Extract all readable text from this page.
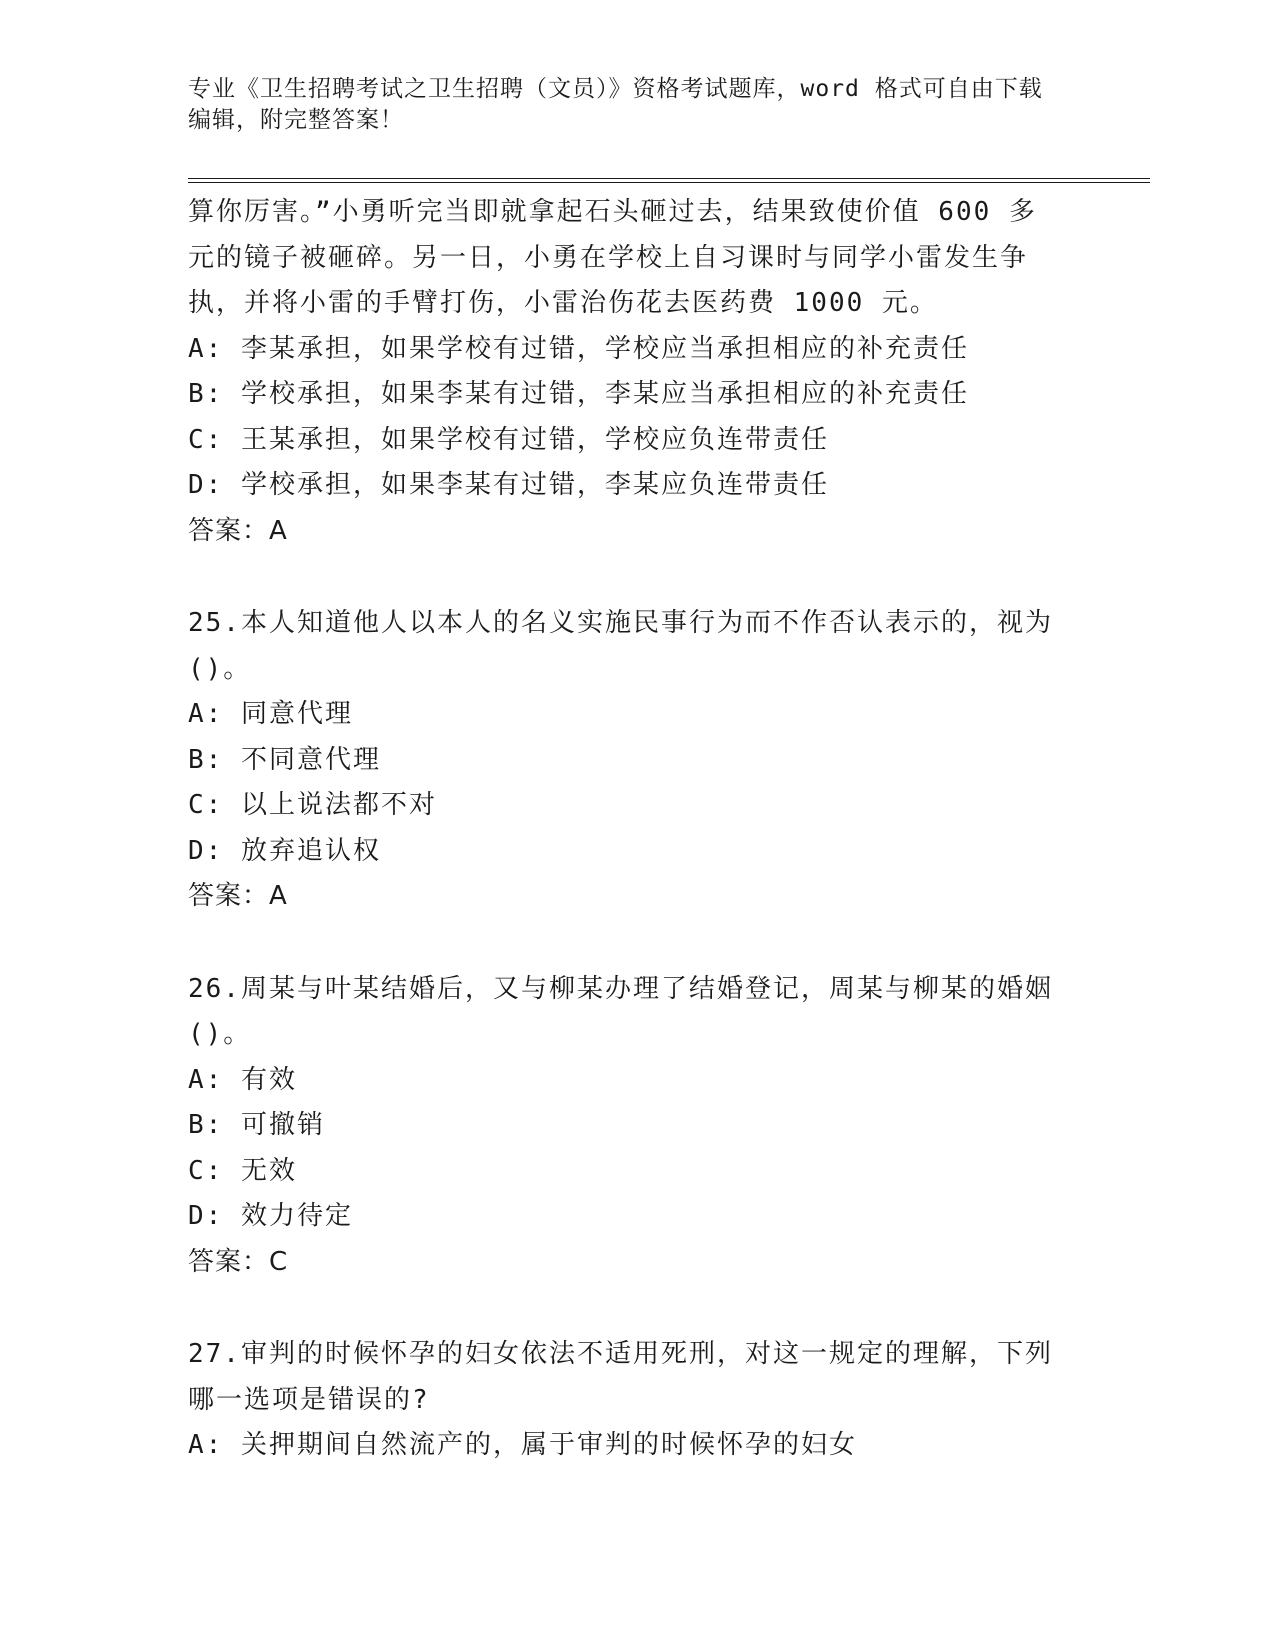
专业《卫生招聘考试之卫生招聘（文员）》资格考试题库，word 格式可自由下载
编辑，附完整答案！
算你厉害。”小勇听完当即就拿起石头砸过去，结果致使价值 600 多
元的镜子被砸碎。另一日，小勇在学校上自习课时与同学小雷发生争
执，并将小雷的手臂打伤，小雷治伤花去医药费 1000 元。
A: 李某承担，如果学校有过错，学校应当承担相应的补充责任
B: 学校承担，如果李某有过错，李某应当承担相应的补充责任
C: 王某承担，如果学校有过错，学校应负连带责任
D: 学校承担，如果李某有过错，李某应负连带责任
答案：A
25.本人知道他人以本人的名义实施民事行为而不作否认表示的，视为
()。
A: 同意代理
B: 不同意代理
C: 以上说法都不对
D: 放弃追认权
答案：A
26.周某与叶某结婚后，又与柳某办理了结婚登记，周某与柳某的婚姻
()。
A: 有效
B: 可撤销
C: 无效
D: 效力待定
答案：C
27.审判的时候怀孕的妇女依法不适用死刑，对这一规定的理解，下列
哪一选项是错误的?
A: 关押期间自然流产的，属于审判的时候怀孕的妇女
